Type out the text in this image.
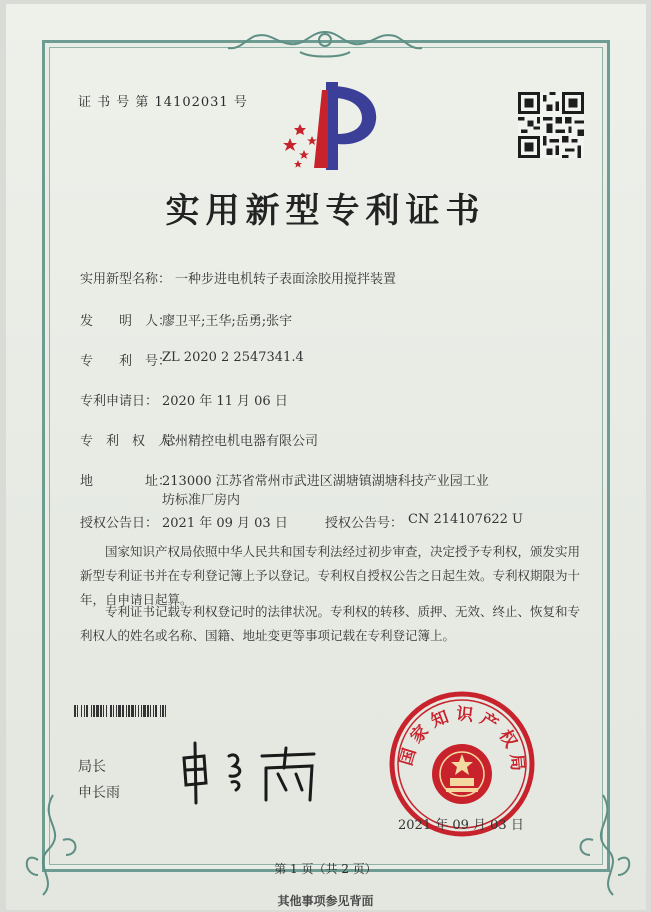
证 书 号 第 14102031 号
实用新型专利证书
实用新型名称： 一种步进电机转子表面涂胶用搅拌装置
发　　明　人：
廖卫平;王华;岳勇;张宇
专　　利　号：
ZL 2020 2 2547341.4
专利申请日： 2020 年 11 月 06 日
专　利　权　人：
常州精控电机电器有限公司
地　　　　址：
213000 江苏省常州市武进区湖塘镇湖塘科技产业园工业
坊标准厂房内
授权公告日： 2021 年 09 月 03 日	授权公告号： CN 214107622 U
　　国家知识产权局依照中华人民共和国专利法经过初步审查，决定授予专利权，颁发实用新型专利证书并在专利登记簿上予以登记。专利权自授权公告之日起生效。专利权期限为十年，自申请日起算。
　　专利证书记载专利权登记时的法律状况。专利权的转移、质押、无效、终止、恢复和专利权人的姓名或名称、国籍、地址变更等事项记载在专利登记簿上。
局长
申长雨
国家知识产权局
2021 年 09 月 03 日
第 1 页（共 2 页）
其他事项参见背面
